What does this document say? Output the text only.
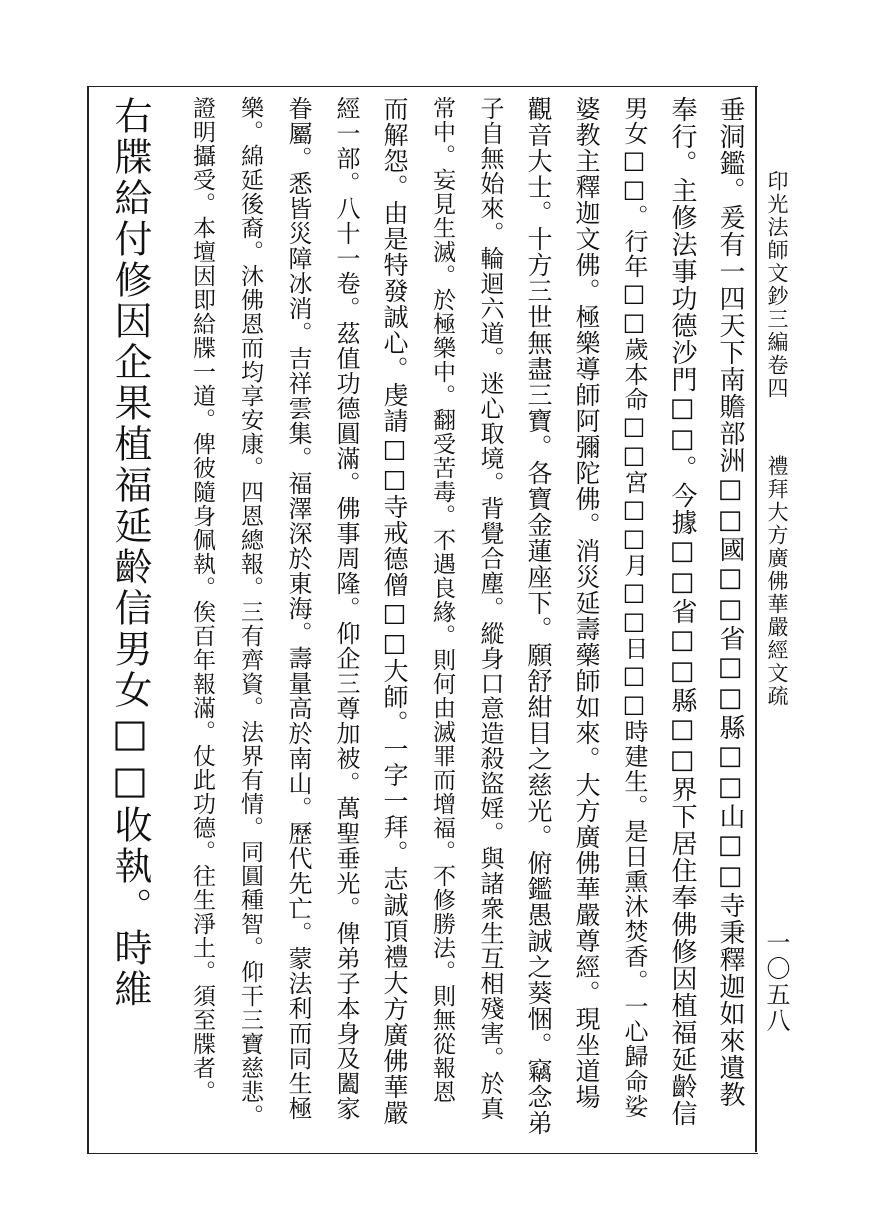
印光法師文鈔三編卷四
禮拜大方廣佛華嚴經文疏
一〇五八
垂洞鑑。爰有一四天下南贍部洲□□國□□省□□縣□□山□□寺秉釋迦如來遺教
奉行。主修法事功德沙門□□。今據□□省□□縣□□界下居住奉佛修因植福延齡信
男女□□。行年□□歲本命□□宮□□月□□日□□時建生。是日熏沐焚香。一心歸命娑
婆教主釋迦文佛。極樂導師阿彌陀佛。消災延壽藥師如來。大方廣佛華嚴尊經。現坐道場
觀音大士。十方三世無盡三寶。各寶金蓮座下。願舒紺目之慈光。俯鑑愚誠之葵悃。竊念弟
子自無始來。輪迴六道。迷心取境。背覺合塵。縱身口意造殺盜婬。與諸衆生互相殘害。於真
常中。妄見生滅。於極樂中。翻受苦毒。不遇良緣。則何由滅罪而增福。不修勝法。則無從報恩
而解怨。由是特發誠心。虔請□□寺戒德僧□□大師。一字一拜。志誠頂禮大方廣佛華嚴
經一部。八十一卷。茲值功德圓滿。佛事周隆。仰企三尊加被。萬聖垂光。俾弟子本身及闔家
眷屬。悉皆災障冰消。吉祥雲集。福澤深於東海。壽量高於南山。歷代先亡。蒙法利而同生極
樂。綿延後裔。沐佛恩而均享安康。四恩總報。三有齊資。法界有情。同圓種智。仰干三寶慈悲。
證明攝受。本壇因即給牒一道。俾彼隨身佩執。俟百年報滿。仗此功德。往生淨土。須至牒者。
右牒給付修因企果植福延齡信男女□□收執。時維
